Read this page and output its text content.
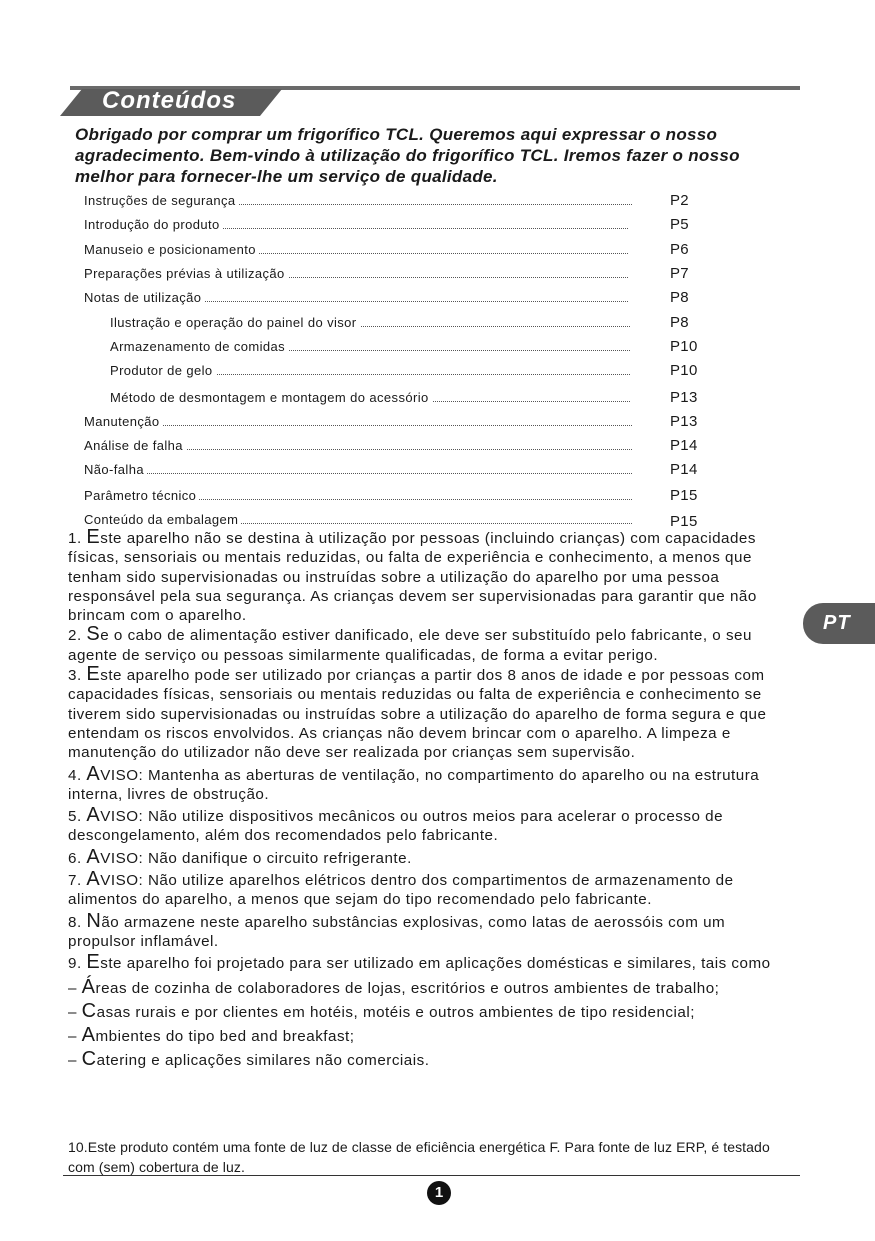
Conteúdos
Obrigado por comprar um frigorífico TCL. Queremos aqui expressar o nosso agradecimento. Bem-vindo à utilização do frigorífico TCL. Iremos fazer o nosso melhor para fornecer-lhe um serviço de qualidade.
Instruções de segurança	P2
Introdução do produto	P5
Manuseio e posicionamento	P6
Preparações prévias à utilização	P7
Notas de utilização	P8
Ilustração e operação do painel do visor	P8
Armazenamento de comidas	P10
Produtor de gelo	P10
Método de desmontagem e montagem do acessório	P13
Manutenção	P13
Análise de falha	P14
Não-falha	P14
Parâmetro técnico	P15
Conteúdo da embalagem	P15
PT

1. Este aparelho não se destina à utilização por pessoas (incluindo crianças) com capacidades físicas, sensoriais ou mentais reduzidas, ou falta de experiência e conhecimento, a menos que tenham sido supervisionadas ou instruídas sobre a utilização do aparelho por uma pessoa responsável pela sua segurança. As crianças devem ser supervisionadas para garantir que não brincam com o aparelho.

2. Se o cabo de alimentação estiver danificado, ele deve ser substituído pelo fabricante, o seu agente de serviço ou pessoas similarmente qualificadas, de forma a evitar perigo.

3. Este aparelho pode ser utilizado por crianças a partir dos 8 anos de idade e por pessoas com capacidades físicas, sensoriais ou mentais reduzidas ou falta de experiência e conhecimento se tiverem sido supervisionadas ou instruídas sobre a utilização do aparelho de forma segura e que entendam os riscos envolvidos. As crianças não devem brincar com o aparelho. A limpeza e manutenção do utilizador não deve ser realizada por crianças sem supervisão.

4. AVISO: Mantenha as aberturas de ventilação, no compartimento do aparelho ou na estrutura interna, livres de obstrução.

5. AVISO: Não utilize dispositivos mecânicos ou outros meios para acelerar o processo de descongelamento, além dos recomendados pelo fabricante.

6. AVISO: Não danifique o circuito refrigerante.

7. AVISO: Não utilize aparelhos elétricos dentro dos compartimentos de armazenamento de alimentos do aparelho, a menos que sejam do tipo recomendado pelo fabricante.

8. Não armazene neste aparelho substâncias explosivas, como latas de aerossóis com um propulsor inflamável.

9. Este aparelho foi projetado para ser utilizado em aplicações domésticas e similares, tais como

– Áreas de cozinha de colaboradores de lojas, escritórios e outros ambientes de trabalho;

– Casas rurais e por clientes em hotéis, motéis e outros ambientes de tipo residencial;

– Ambientes do tipo bed and breakfast;

– Catering e aplicações similares não comerciais.

10.Este produto contém uma fonte de luz de classe de eficiência energética F. Para fonte de luz ERP, é testado com (sem) cobertura de luz.
1
